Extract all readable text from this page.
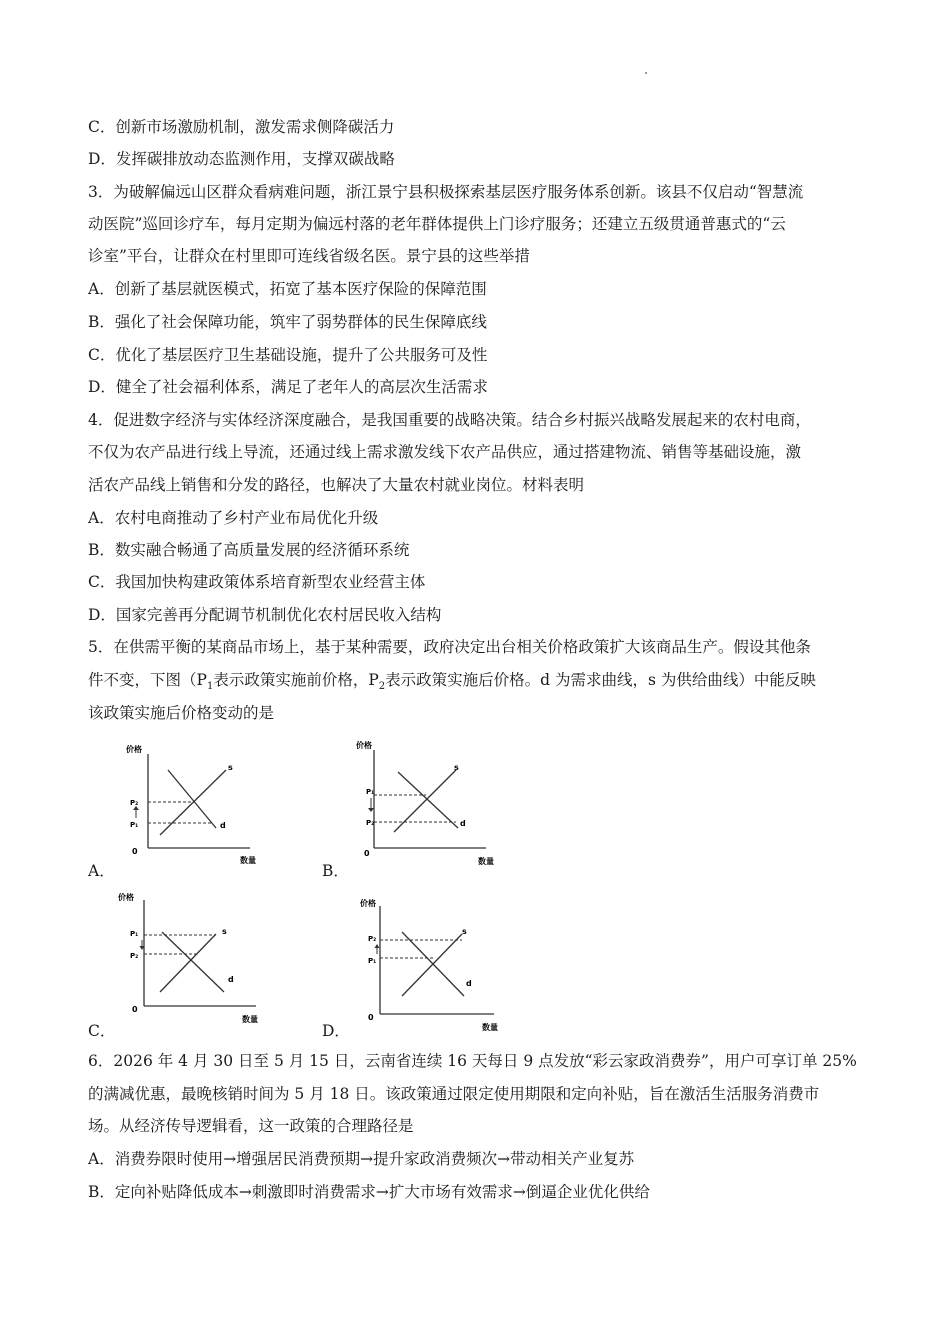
C．创新市场激励机制，激发需求侧降碳活力
D．发挥碳排放动态监测作用，支撑双碳战略
3．为破解偏远山区群众看病难问题，浙江景宁县积极探索基层医疗服务体系创新。该县不仅启动“智慧流
动医院”巡回诊疗车，每月定期为偏远村落的老年群体提供上门诊疗服务；还建立五级贯通普惠式的“云
诊室”平台，让群众在村里即可连线省级名医。景宁县的这些举措
A．创新了基层就医模式，拓宽了基本医疗保险的保障范围
B．强化了社会保障功能，筑牢了弱势群体的民生保障底线
C．优化了基层医疗卫生基础设施，提升了公共服务可及性
D．健全了社会福利体系，满足了老年人的高层次生活需求
4．促进数字经济与实体经济深度融合，是我国重要的战略决策。结合乡村振兴战略发展起来的农村电商，
不仅为农产品进行线上导流，还通过线上需求激发线下农产品供应，通过搭建物流、销售等基础设施，激
活农产品线上销售和分发的路径，也解决了大量农村就业岗位。材料表明
A．农村电商推动了乡村产业布局优化升级
B．数实融合畅通了高质量发展的经济循环系统
C．我国加快构建政策体系培育新型农业经营主体
D．国家完善再分配调节机制优化农村居民收入结构
5．在供需平衡的某商品市场上，基于某种需要，政府决定出台相关价格政策扩大该商品生产。假设其他条
件不变，下图（$P_1$表示政策实施前价格，$P_2$表示政策实施后价格。d 为需求曲线，s 为供给曲线）中能反映
该政策实施后价格变动的是
价格
0
数量
s
d
P₂
P₁
A．
价格
0
数量
s
d
P₁
P₂
B．
价格
0
数量
s
d
P₁
P₂
C．
价格
0
数量
s
d
P₂
P₁
D．
6．2026 年 4 月 30 日至 5 月 15 日，云南省连续 16 天每日 9 点发放“彩云家政消费券”，用户可享订单 25%
的满减优惠，最晚核销时间为 5 月 18 日。该政策通过限定使用期限和定向补贴，旨在激活生活服务消费市
场。从经济传导逻辑看，这一政策的合理路径是
A．消费券限时使用→增强居民消费预期→提升家政消费频次→带动相关产业复苏
B．定向补贴降低成本→刺激即时消费需求→扩大市场有效需求→倒逼企业优化供给
